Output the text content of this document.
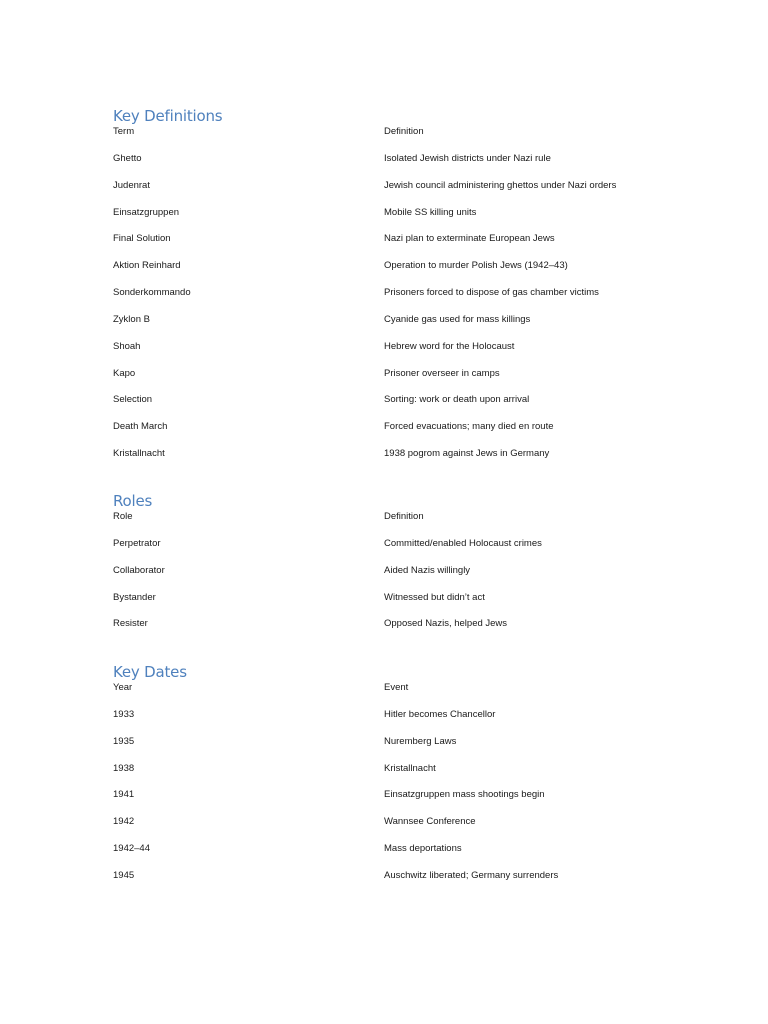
Key Definitions
Term	Definition
Ghetto	Isolated Jewish districts under Nazi rule
Judenrat	Jewish council administering ghettos under Nazi orders
Einsatzgruppen	Mobile SS killing units
Final Solution	Nazi plan to exterminate European Jews
Aktion Reinhard	Operation to murder Polish Jews (1942–43)
Sonderkommando	Prisoners forced to dispose of gas chamber victims
Zyklon B	Cyanide gas used for mass killings
Shoah	Hebrew word for the Holocaust
Kapo	Prisoner overseer in camps
Selection	Sorting: work or death upon arrival
Death March	Forced evacuations; many died en route
Kristallnacht	1938 pogrom against Jews in Germany
Roles
Role	Definition
Perpetrator	Committed/enabled Holocaust crimes
Collaborator	Aided Nazis willingly
Bystander	Witnessed but didn’t act
Resister	Opposed Nazis, helped Jews
Key Dates
Year	Event
1933	Hitler becomes Chancellor
1935	Nuremberg Laws
1938	Kristallnacht
1941	Einsatzgruppen mass shootings begin
1942	Wannsee Conference
1942–44	Mass deportations
1945	Auschwitz liberated; Germany surrenders
